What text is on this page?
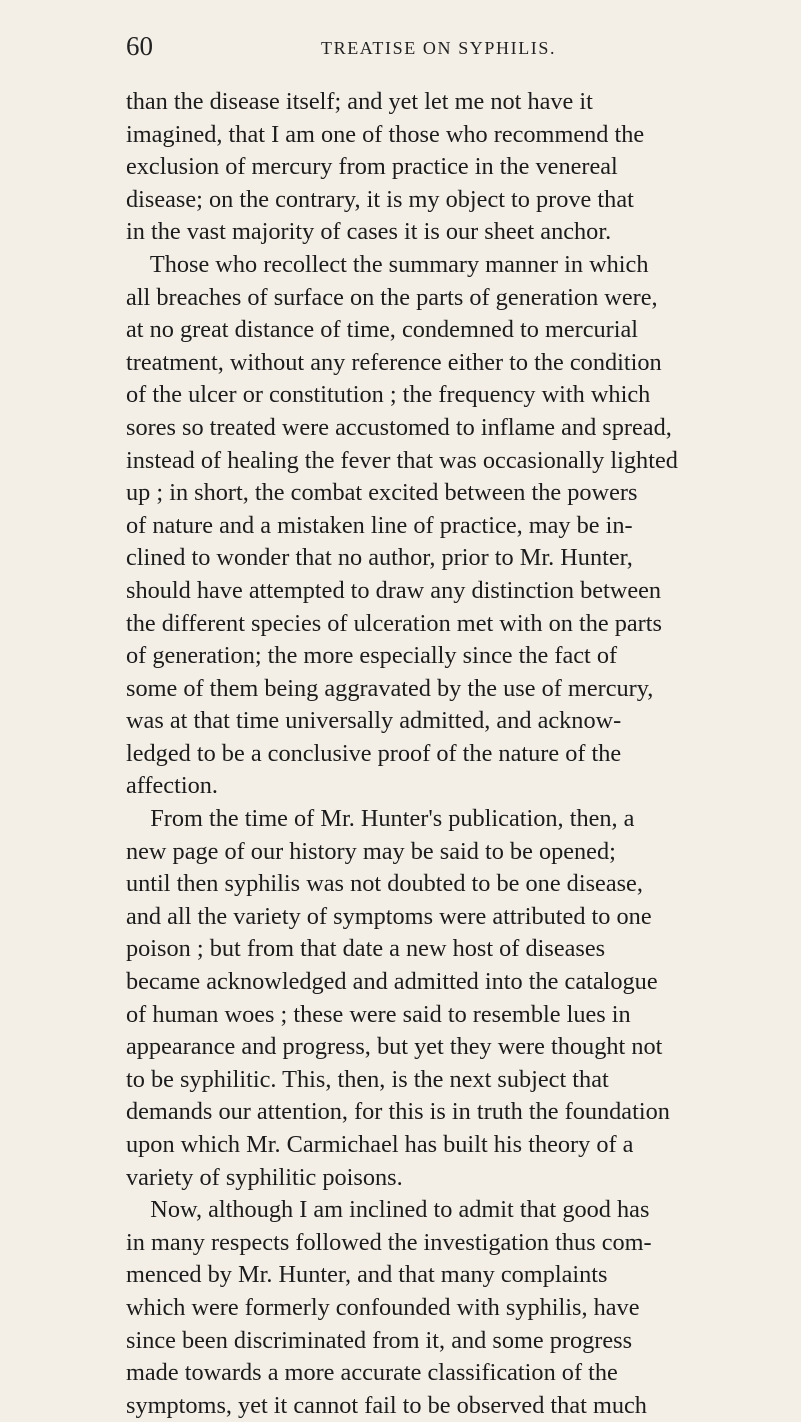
60	TREATISE ON SYPHILIS.
than the disease itself; and yet let me not have it
imagined, that I am one of those who recommend the
exclusion of mercury from practice in the venereal
disease; on the contrary, it is my object to prove that
in the vast majority of cases it is our sheet anchor.
Those who recollect the summary manner in which
all breaches of surface on the parts of generation were,
at no great distance of time, condemned to mercurial
treatment, without any reference either to the condition
of the ulcer or constitution ; the frequency with which
sores so treated were accustomed to inflame and spread,
instead of healing the fever that was occasionally lighted
up ; in short, the combat excited between the powers
of nature and a mistaken line of practice, may be in-
clined to wonder that no author, prior to Mr. Hunter,
should have attempted to draw any distinction between
the different species of ulceration met with on the parts
of generation; the more especially since the fact of
some of them being aggravated by the use of mercury,
was at that time universally admitted, and acknow-
ledged to be a conclusive proof of the nature of the
affection.
From the time of Mr. Hunter's publication, then, a
new page of our history may be said to be opened;
until then syphilis was not doubted to be one disease,
and all the variety of symptoms were attributed to one
poison ; but from that date a new host of diseases
became acknowledged and admitted into the catalogue
of human woes ; these were said to resemble lues in
appearance and progress, but yet they were thought not
to be syphilitic. This, then, is the next subject that
demands our attention, for this is in truth the foundation
upon which Mr. Carmichael has built his theory of a
variety of syphilitic poisons.
Now, although I am inclined to admit that good has
in many respects followed the investigation thus com-
menced by Mr. Hunter, and that many complaints
which were formerly confounded with syphilis, have
since been discriminated from it, and some progress
made towards a more accurate classification of the
symptoms, yet it cannot fail to be observed that much
